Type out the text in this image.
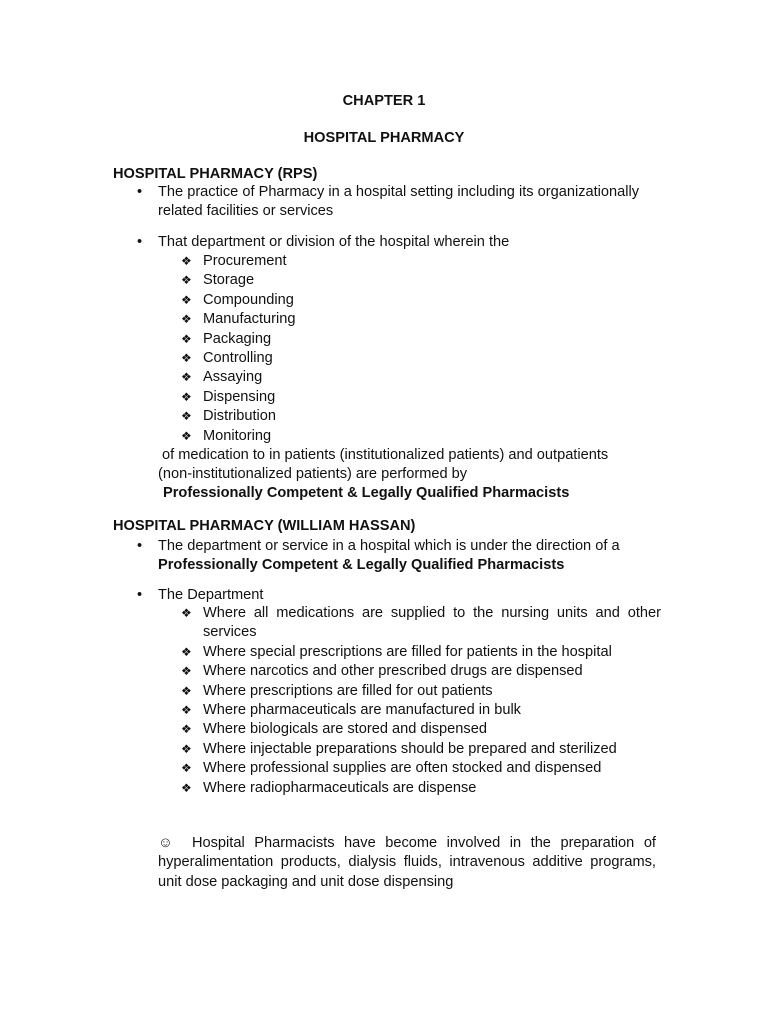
CHAPTER 1
HOSPITAL PHARMACY
HOSPITAL PHARMACY (RPS)
• The practice of Pharmacy in a hospital setting including its organizationally related facilities or services
• That department or division of the hospital wherein the
❖ Procurement
❖ Storage
❖ Compounding
❖ Manufacturing
❖ Packaging
❖ Controlling
❖ Assaying
❖ Dispensing
❖ Distribution
❖ Monitoring
of medication to in patients (institutionalized patients) and outpatients
(non-institutionalized patients) are performed by
Professionally Competent & Legally Qualified Pharmacists
HOSPITAL PHARMACY (WILLIAM HASSAN)
• The department or service in a hospital which is under the direction of a
Professionally Competent & Legally Qualified Pharmacists
• The Department
❖ Where all medications are supplied to the nursing units and other services
❖ Where special prescriptions are filled for patients in the hospital
❖ Where narcotics and other prescribed drugs are dispensed
❖ Where prescriptions are filled for out patients
❖ Where pharmaceuticals are manufactured in bulk
❖ Where biologicals are stored and dispensed
❖ Where injectable preparations should be prepared and sterilized
❖ Where professional supplies are often stocked and dispensed
❖ Where radiopharmaceuticals are dispense
☺ Hospital Pharmacists have become involved in the preparation of hyperalimentation products, dialysis fluids, intravenous additive programs, unit dose packaging and unit dose dispensing
